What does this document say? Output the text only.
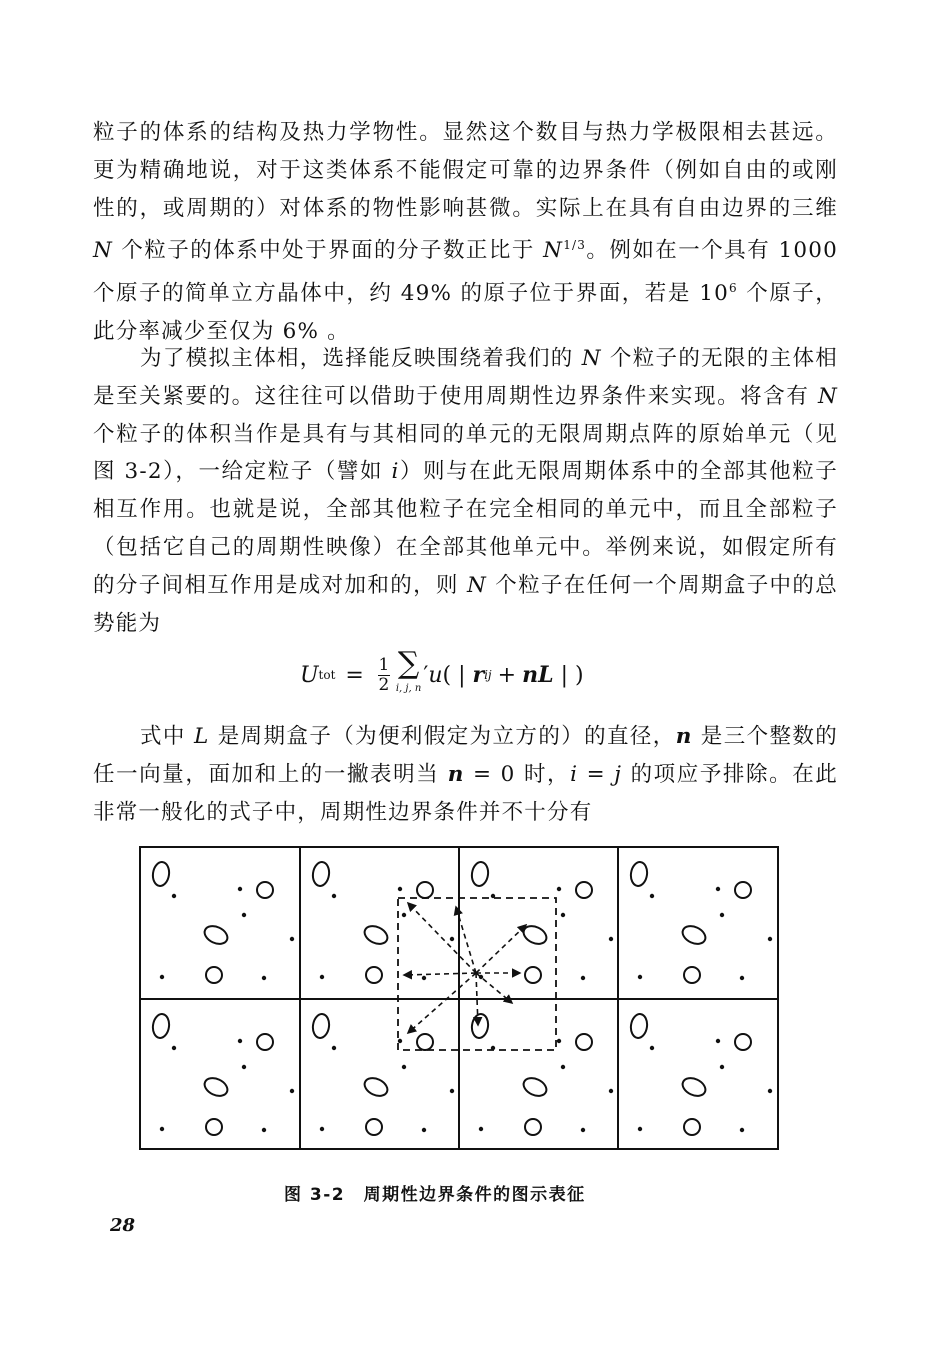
粒子的体系的结构及热力学物性。显然这个数目与热力学极限相去甚远。更为精确地说，对于这类体系不能假定可靠的边界条件（例如自由的或刚性的，或周期的）对体系的物性影响甚微。实际上在具有自由边界的三维 N 个粒子的体系中处于界面的分子数正比于 $N^{1/3}$。例如在一个具有 1000 个原子的简单立方晶体中，约 49% 的原子位于界面，若是 $10^6$ 个原子，此分率减少至仅为 6% 。

为了模拟主体相，选择能反映围绕着我们的 N 个粒子的无限的主体相是至关紧要的。这往往可以借助于使用周期性边界条件来实现。将含有 N 个粒子的体积当作是具有与其相同的单元的无限周期点阵的原始单元（见图 3-2），一给定粒子（譬如 i）则与在此无限周期体系中的全部其他粒子相互作用。也就是说，全部其他粒子在完全相同的单元中，而且全部粒子（包括它自己的周期性映像）在全部其他单元中。举例来说，如假定所有的分子间相互作用是成对加和的，则 N 个粒子在任何一个周期盒子中的总势能为

U tot = $\frac{1}{2}$ ∑
i, j, n
′ u ( |
r ij + nL
| )

式中 L 是周期盒子（为便利假定为立方的）的直径，n 是三个整数的任一向量，面加和上的一撇表明当 n = 0 时，i = j 的项应予排除。在此非常一般化的式子中，周期性边界条件并不十分有

图 3-2　周期性边界条件的图示表征
28
